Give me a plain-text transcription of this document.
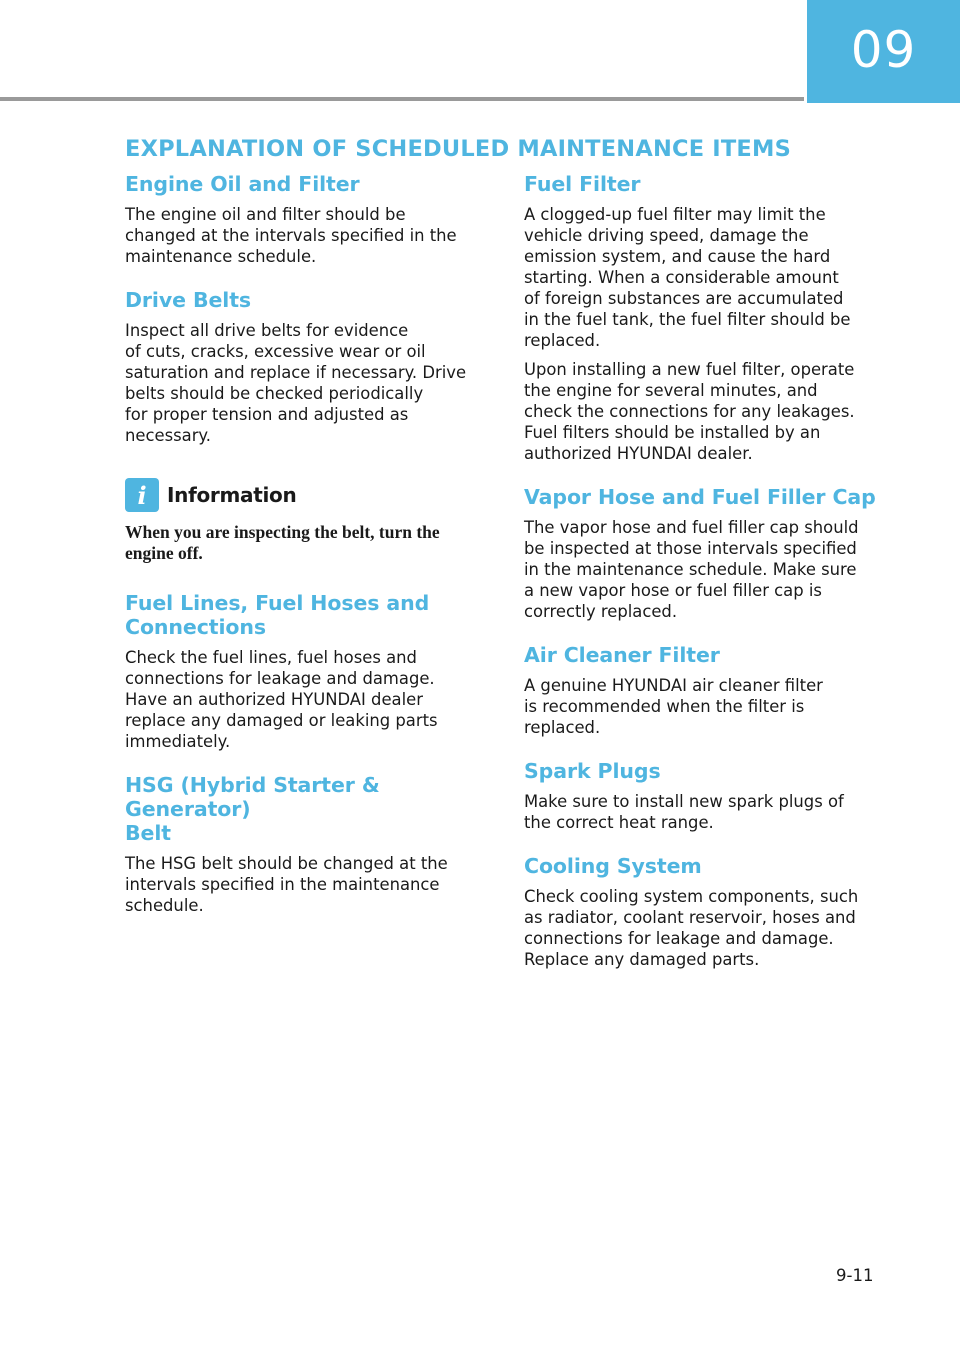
09
EXPLANATION OF SCHEDULED MAINTENANCE ITEMS
Engine Oil and Filter

The engine oil and filter should be
changed at the intervals specified in the
maintenance schedule.

Drive Belts

Inspect all drive belts for evidence
of cuts, cracks, excessive wear or oil
saturation and replace if necessary. Drive
belts should be checked periodically
for proper tension and adjusted as
necessary.

i Information

When you are inspecting the belt, turn the
engine off.

Fuel Lines, Fuel Hoses and
Connections

Check the fuel lines, fuel hoses and
connections for leakage and damage.
Have an authorized HYUNDAI dealer
replace any damaged or leaking parts
immediately.

HSG (Hybrid Starter & Generator)
Belt

The HSG belt should be changed at the
intervals specified in the maintenance
schedule.

Fuel Filter

A clogged-up fuel filter may limit the
vehicle driving speed, damage the
emission system, and cause the hard
starting. When a considerable amount
of foreign substances are accumulated
in the fuel tank, the fuel filter should be
replaced.

Upon installing a new fuel filter, operate
the engine for several minutes, and
check the connections for any leakages.
Fuel filters should be installed by an
authorized HYUNDAI dealer.

Vapor Hose and Fuel Filler Cap

The vapor hose and fuel filler cap should
be inspected at those intervals specified
in the maintenance schedule. Make sure
a new vapor hose or fuel filler cap is
correctly replaced.

Air Cleaner Filter

A genuine HYUNDAI air cleaner filter
is recommended when the filter is
replaced.

Spark Plugs

Make sure to install new spark plugs of
the correct heat range.

Cooling System

Check cooling system components, such
as radiator, coolant reservoir, hoses and
connections for leakage and damage.
Replace any damaged parts.

9-11
